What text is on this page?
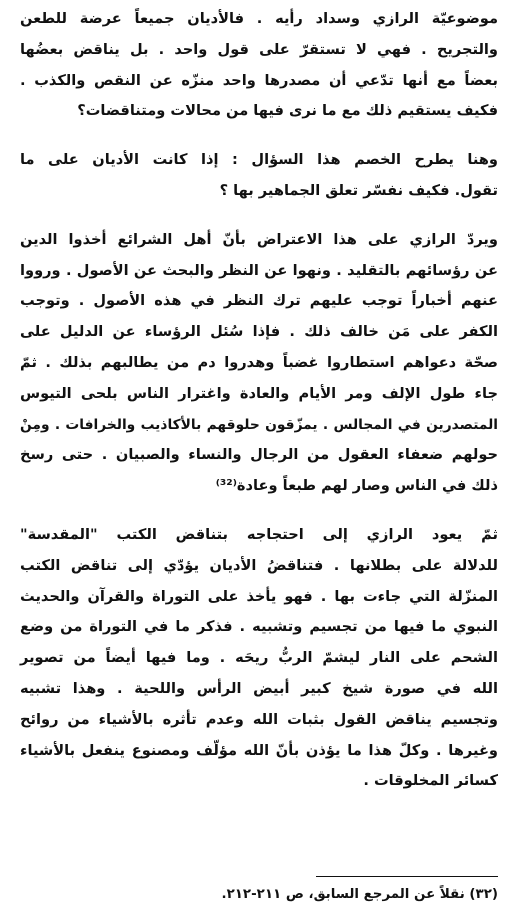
موضوعيّة الرازي وسداد رأيه . فالأديان جميعاً عرضة للطعن
والتجريح . فهي لا تستقرّ على قول واحد . بل يناقض بعضُها
بعضاً مع أنها تدّعي أن مصدرها واحد منزّه عن النقص والكذب .
فكيف يستقيم ذلك مع ما نرى فيها من محالات ومتناقضات؟

وهنا يطرح الخصم هذا السؤال : إذا كانت الأديان على ما
تقول. فكيف نفسّر تعلق الجماهير بها ؟

ويردّ الرازي على هذا الاعتراض بأنّ أهل الشرائع أخذوا الدين
عن رؤسائهم بالتقليد . ونهوا عن النظر والبحث عن الأصول . ورووا
عنهم أخباراً توجب عليهم ترك النظر في هذه الأصول . وتوجب
الكفر على مَن خالف ذلك . فإذا سُئل الرؤساء عن الدليل على
صحّة دعواهم استطاروا غضباً وهدروا دم من يطالبهم بذلك . ثمّ
جاء طول الإلف ومر الأيام والعادة واغترار الناس بلحى التيوس
المتصدرين في المجالس . يمزّقون حلوقهم بالأكاذيب والخرافات . ومِنْ
حولهم ضعفاء العقول من الرجال والنساء والصبيان . حتى رسخ
ذلك في الناس وصار لهم طبعاً وعادة⁽³²⁾

ثمّ يعود الرازي إلى احتجاجه بتناقض الكتب "المقدسة"
للدلالة على بطلانها . فتناقضُ الأديان يؤدّي إلى تناقض الكتب
المنزّلة التي جاءت بها . فهو يأخذ على التوراة والقرآن والحديث
النبوي ما فيها من تجسيم وتشبيه . فذكر ما في التوراة من وضع
الشحم على النار ليشمّ الربُّ ريحَه . وما فيها أيضاً من تصوير
الله في صورة شيخ كبير أبيض الرأس واللحية . وهذا تشبيه
وتجسيم يناقض القول بثبات الله وعدم تأثره بالأشياء من روائح
وغيرها . وكلّ هذا ما يؤذن بأنّ الله مؤلّف ومصنوع ينفعل بالأشياء
كسائر المخلوقات .

(٣٢) نقلاً عن المرجع السابق، ص ٢١١-٢١٢.
